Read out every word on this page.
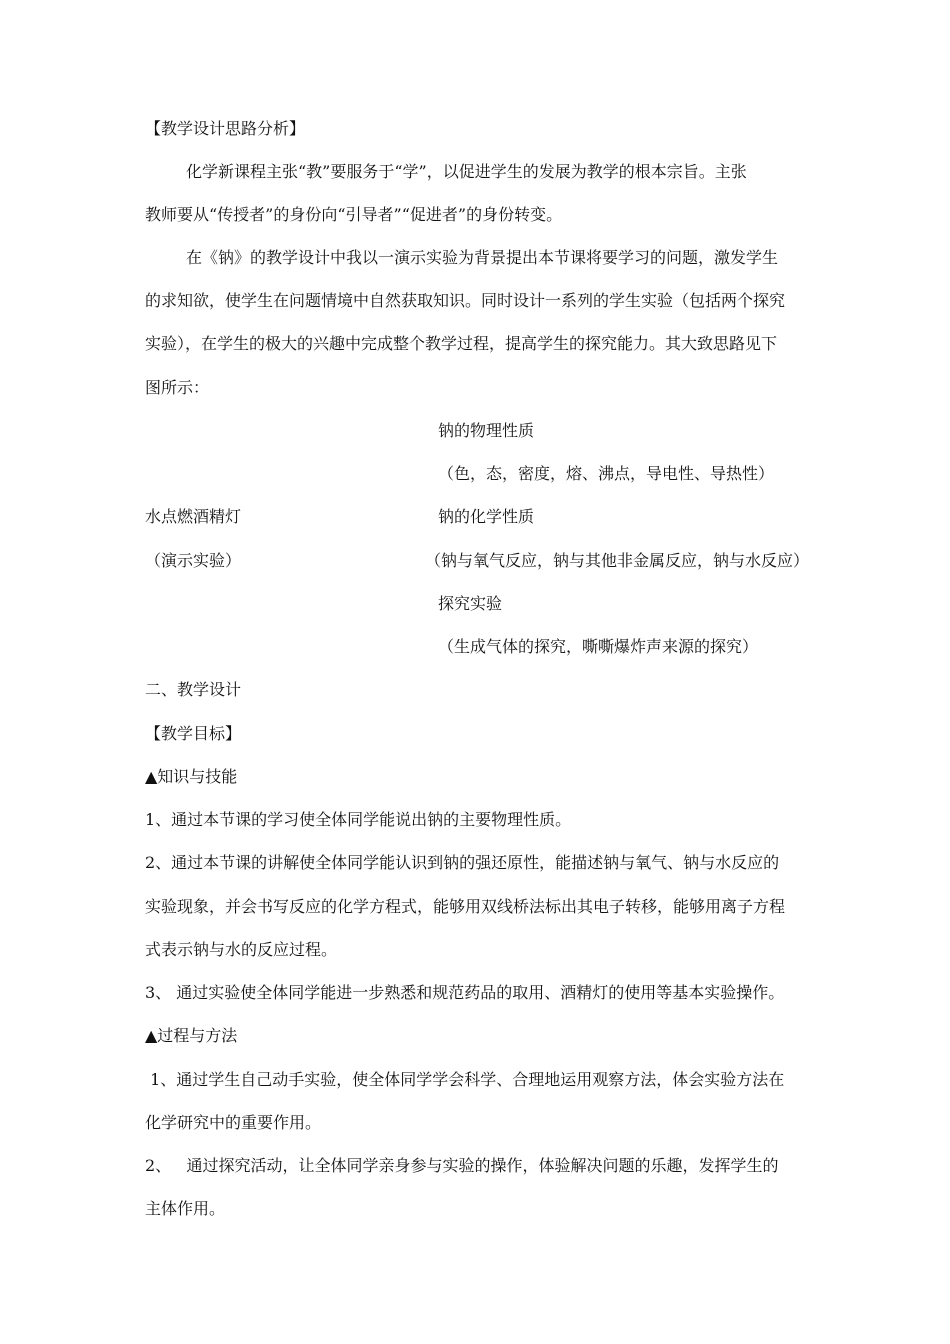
【教学设计思路分析】
化学新课程主张“教”要服务于“学”，以促进学生的发展为教学的根本宗旨。主张
教师要从“传授者”的身份向“引导者”“促进者”的身份转变。
在《钠》的教学设计中我以一演示实验为背景提出本节课将要学习的问题，激发学生
的求知欲，使学生在问题情境中自然获取知识。同时设计一系列的学生实验（包括两个探究
实验），在学生的极大的兴趣中完成整个教学过程，提高学生的探究能力。其大致思路见下
图所示：
钠的物理性质
（色，态，密度，熔、沸点，导电性、导热性）
水点燃酒精灯	钠的化学性质
（演示实验）	（钠与氧气反应，钠与其他非金属反应，钠与水反应）
探究实验
（生成气体的探究，嘶嘶爆炸声来源的探究）
二、教学设计
【教学目标】
▲知识与技能
1、通过本节课的学习使全体同学能说出钠的主要物理性质。
2、通过本节课的讲解使全体同学能认识到钠的强还原性，能描述钠与氧气、钠与水反应的
实验现象，并会书写反应的化学方程式，能够用双线桥法标出其电子转移，能够用离子方程
式表示钠与水的反应过程。
3、 通过实验使全体同学能进一步熟悉和规范药品的取用、酒精灯的使用等基本实验操作。
▲过程与方法
1、通过学生自己动手实验，使全体同学学会科学、合理地运用观察方法，体会实验方法在
化学研究中的重要作用。
2、   通过探究活动，让全体同学亲身参与实验的操作，体验解决问题的乐趣，发挥学生的
主体作用。
